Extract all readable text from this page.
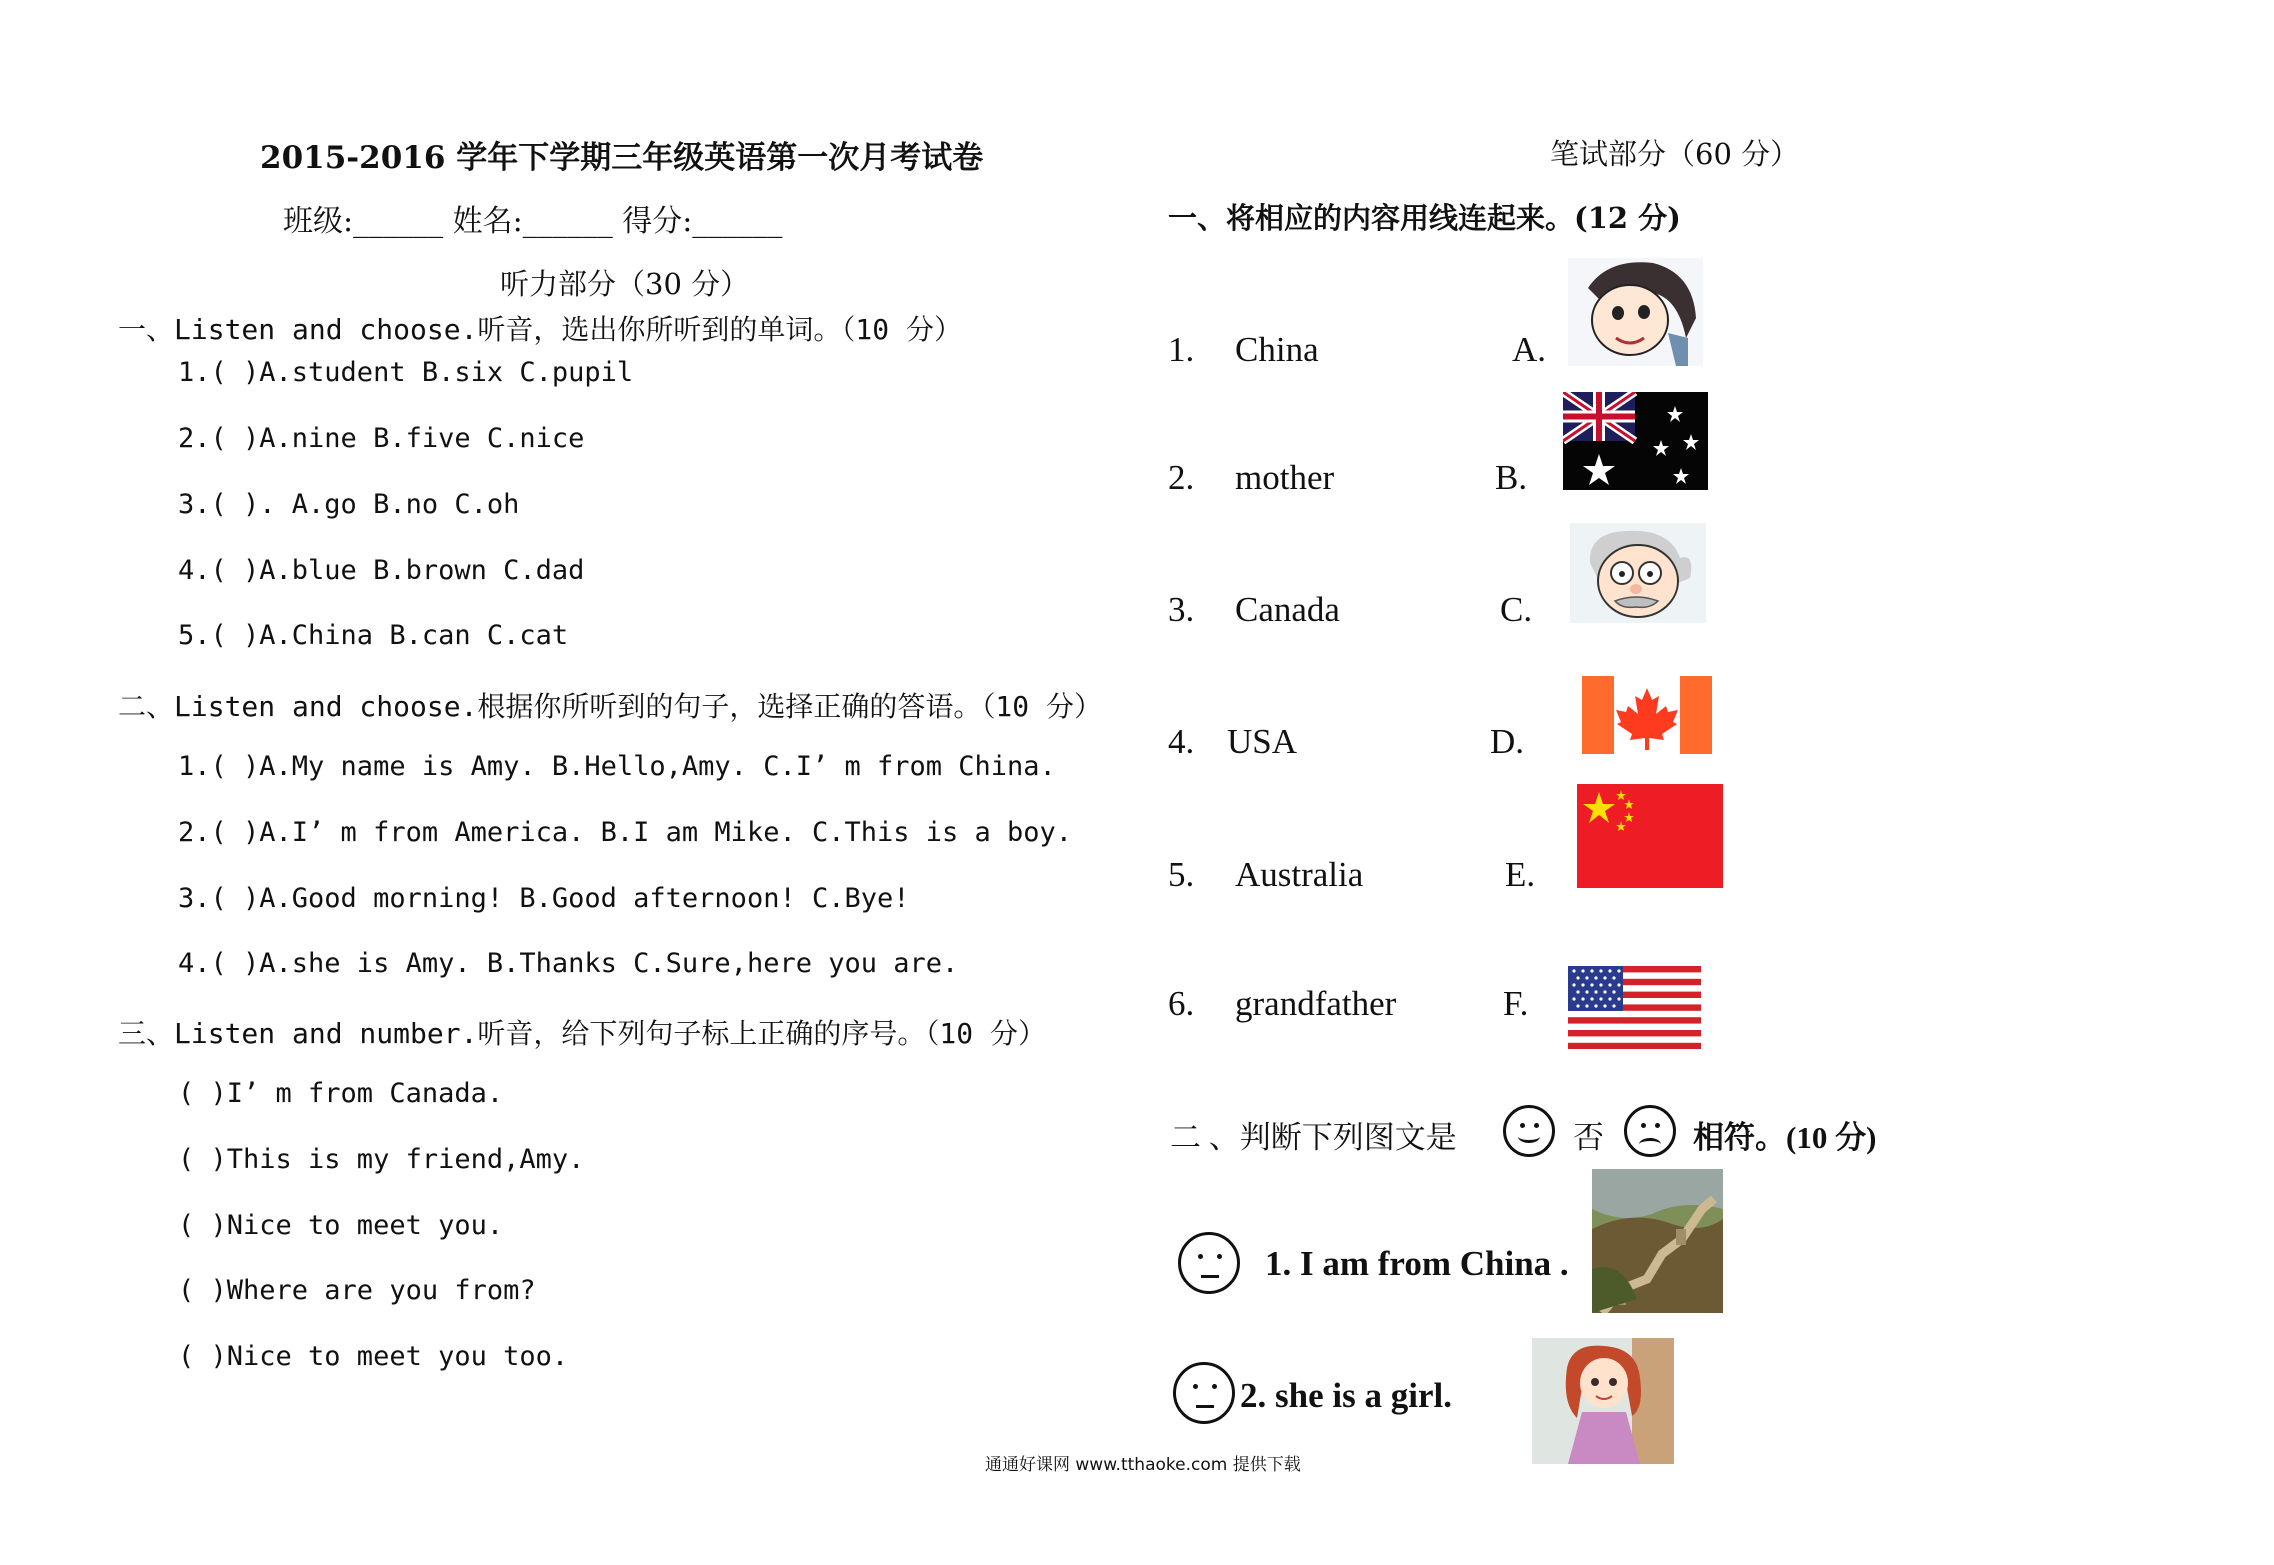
2015-2016 学年下学期三年级英语第一次月考试卷
班级:______ 姓名:______ 得分:______
听力部分（30 分）
一、Listen and choose.听音，选出你所听到的单词。（10 分）
1.( )A.student B.six C.pupil
2.( )A.nine B.five C.nice
3.( ). A.go B.no C.oh
4.( )A.blue B.brown C.dad
5.( )A.China B.can C.cat
二、Listen and choose.根据你所听到的句子，选择正确的答语。（10 分）
1.( )A.My name is Amy. B.Hello,Amy. C.I’ m from China.
2.( )A.I’ m from America. B.I am Mike. C.This is a boy.
3.( )A.Good morning! B.Good afternoon! C.Bye!
4.( )A.she is Amy. B.Thanks C.Sure,here you are.
三、Listen and number.听音，给下列句子标上正确的序号。（10 分）
( )I’ m from Canada.
( )This is my friend,Amy.
( )Nice to meet you.
( )Where are you from?
( )Nice to meet you too.
笔试部分（60 分）
一、将相应的内容用线连起来。(12 分)
1. China	A.
2. mother	B.
3. Canada	C.
4. USA	D.
5. Australia	E.
6. grandfather	F.
二 、判断下列图文是	否	相符。(10 分)
1. I am from China .
2. she is a girl.
通通好课网 www.tthaoke.com 提供下载
